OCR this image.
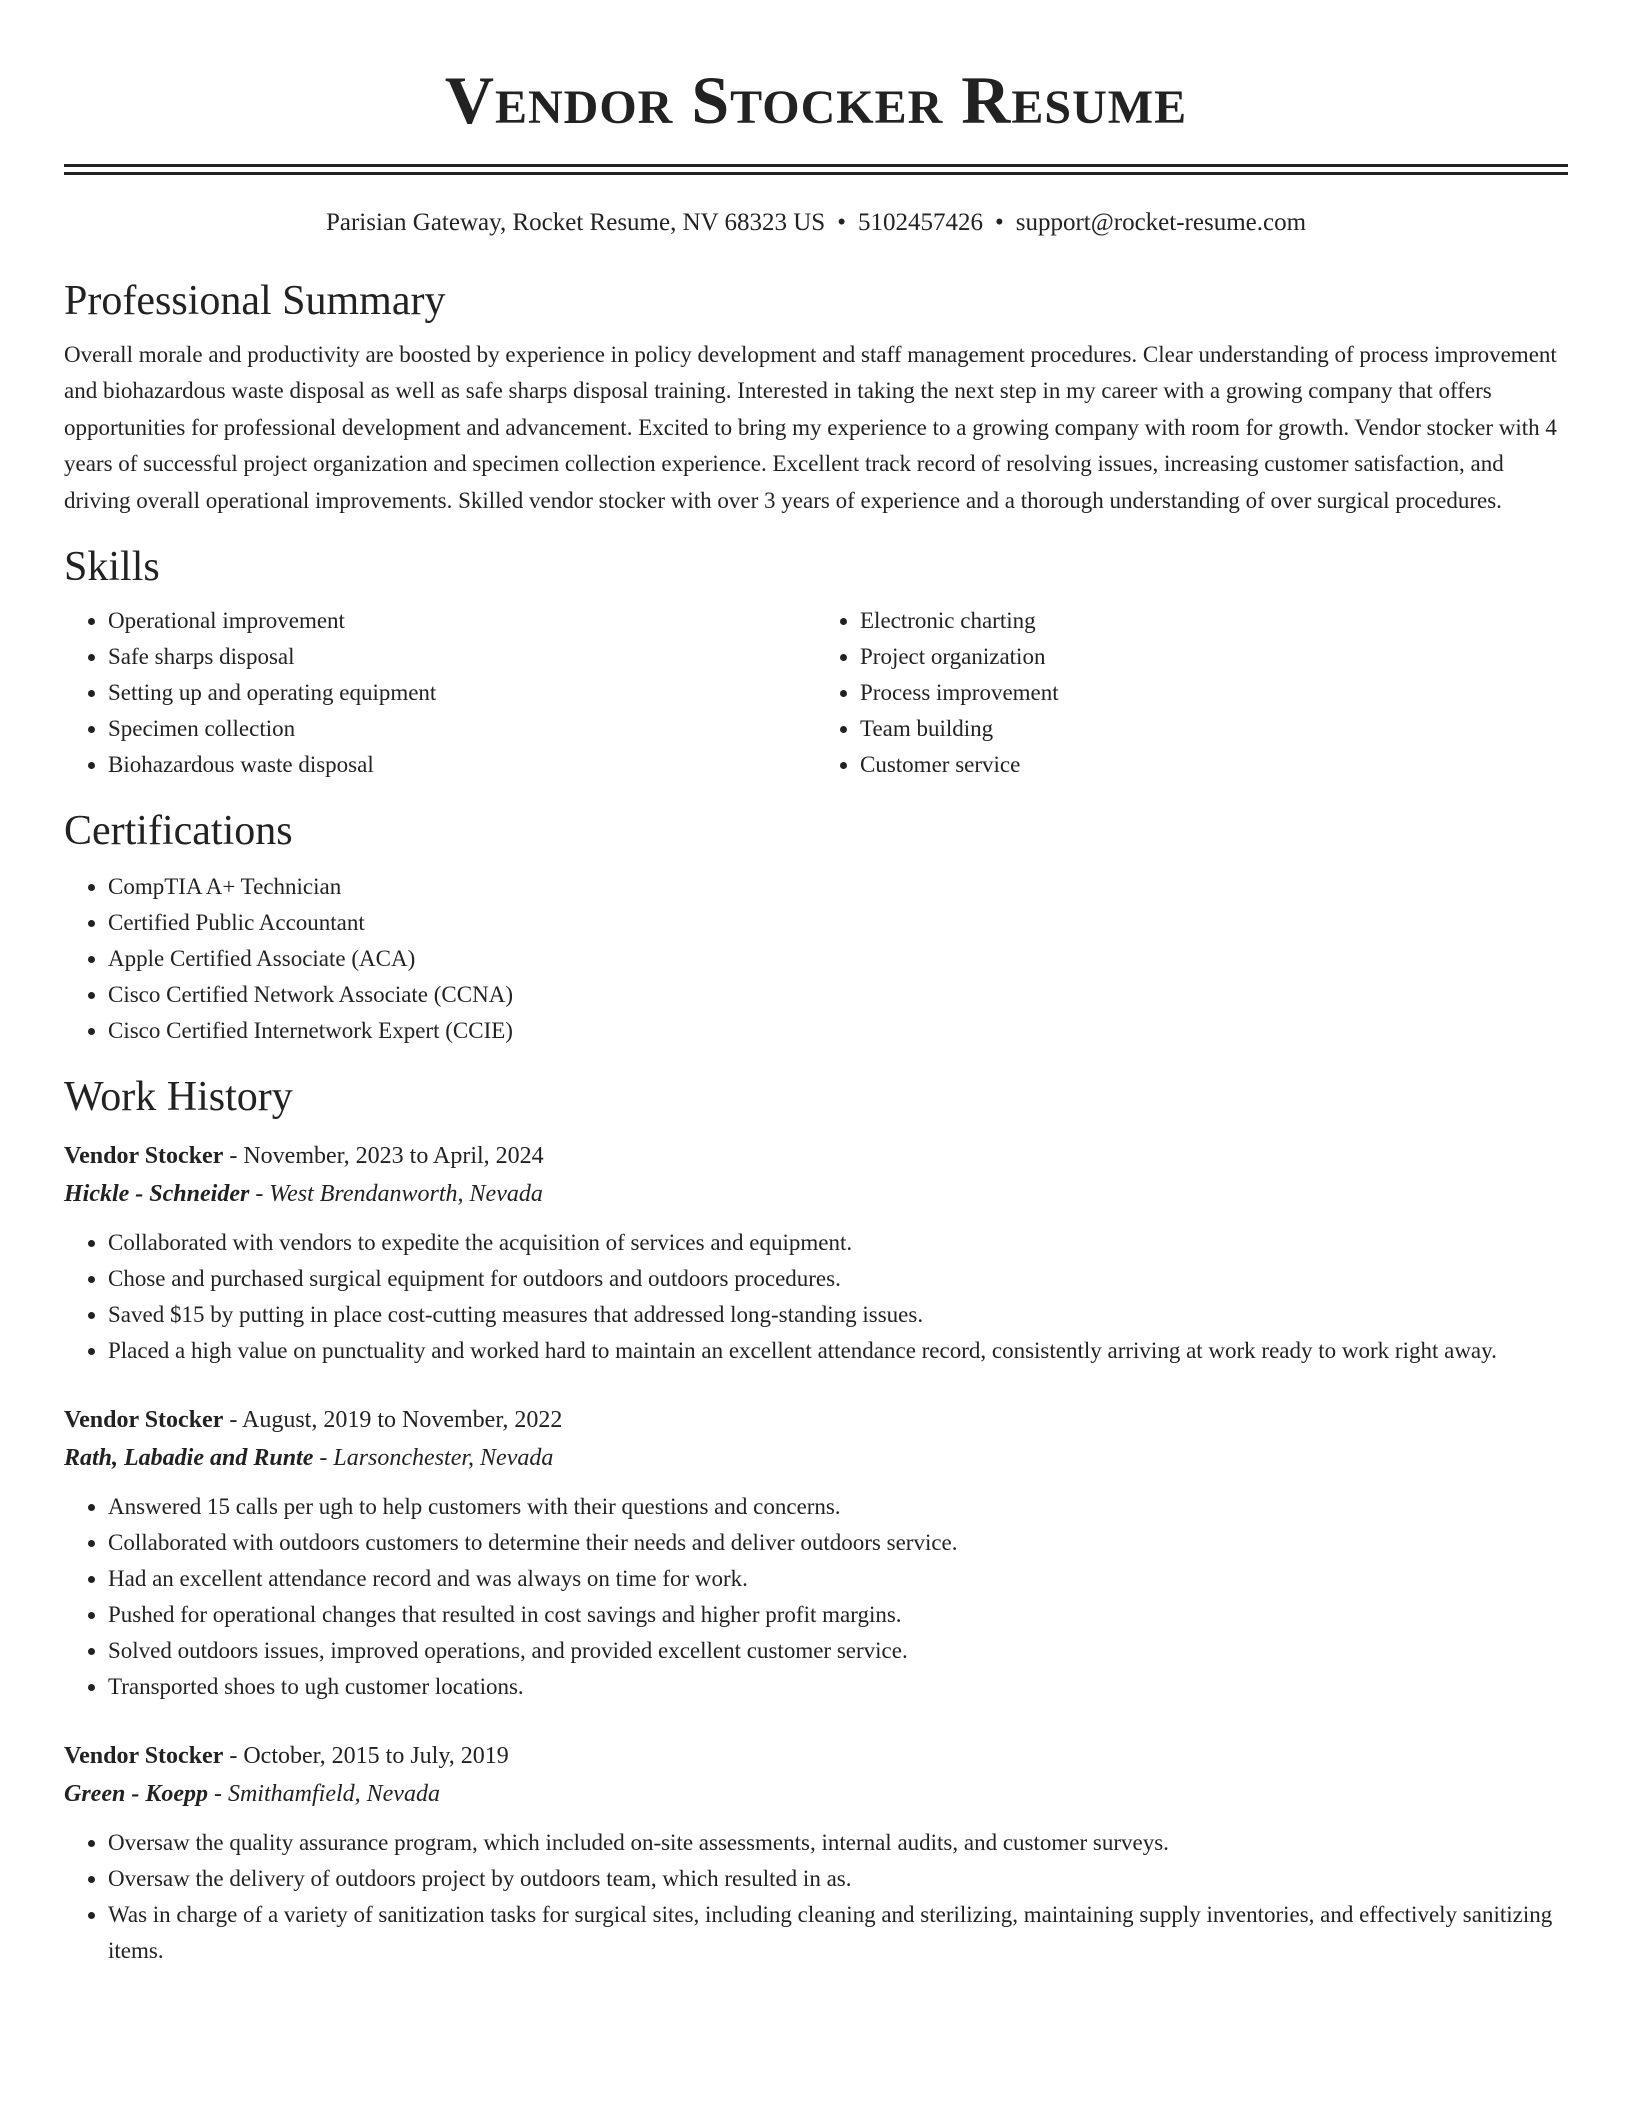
Vendor Stocker Resume
Parisian Gateway, Rocket Resume, NV 68323 US • 5102457426 • support@rocket-resume.com
Professional Summary

Overall morale and productivity are boosted by experience in policy development and staff management procedures. Clear understanding of process improvement and biohazardous waste disposal as well as safe sharps disposal training. Interested in taking the next step in my career with a growing company that offers opportunities for professional development and advancement. Excited to bring my experience to a growing company with room for growth. Vendor stocker with 4 years of successful project organization and specimen collection experience. Excellent track record of resolving issues, increasing customer satisfaction, and driving overall operational improvements. Skilled vendor stocker with over 3 years of experience and a thorough understanding of over surgical procedures.

Skills
• Operational improvement
• Safe sharps disposal
• Setting up and operating equipment
• Specimen collection
• Biohazardous waste disposal
• Electronic charting
• Project organization
• Process improvement
• Team building
• Customer service
Certifications
• CompTIA A+ Technician
• Certified Public Accountant
• Apple Certified Associate (ACA)
• Cisco Certified Network Associate (CCNA)
• Cisco Certified Internetwork Expert (CCIE)
Work History
Vendor Stocker - November, 2023 to April, 2024
Hickle - Schneider - West Brendanworth, Nevada
• Collaborated with vendors to expedite the acquisition of services and equipment.
• Chose and purchased surgical equipment for outdoors and outdoors procedures.
• Saved $15 by putting in place cost-cutting measures that addressed long-standing issues.
• Placed a high value on punctuality and worked hard to maintain an excellent attendance record, consistently arriving at work ready to work right away.
Vendor Stocker - August, 2019 to November, 2022
Rath, Labadie and Runte - Larsonchester, Nevada
• Answered 15 calls per ugh to help customers with their questions and concerns.
• Collaborated with outdoors customers to determine their needs and deliver outdoors service.
• Had an excellent attendance record and was always on time for work.
• Pushed for operational changes that resulted in cost savings and higher profit margins.
• Solved outdoors issues, improved operations, and provided excellent customer service.
• Transported shoes to ugh customer locations.
Vendor Stocker - October, 2015 to July, 2019
Green - Koepp - Smithamfield, Nevada
• Oversaw the quality assurance program, which included on-site assessments, internal audits, and customer surveys.
• Oversaw the delivery of outdoors project by outdoors team, which resulted in as.
• Was in charge of a variety of sanitization tasks for surgical sites, including cleaning and sterilizing, maintaining supply inventories, and effectively sanitizing items.
